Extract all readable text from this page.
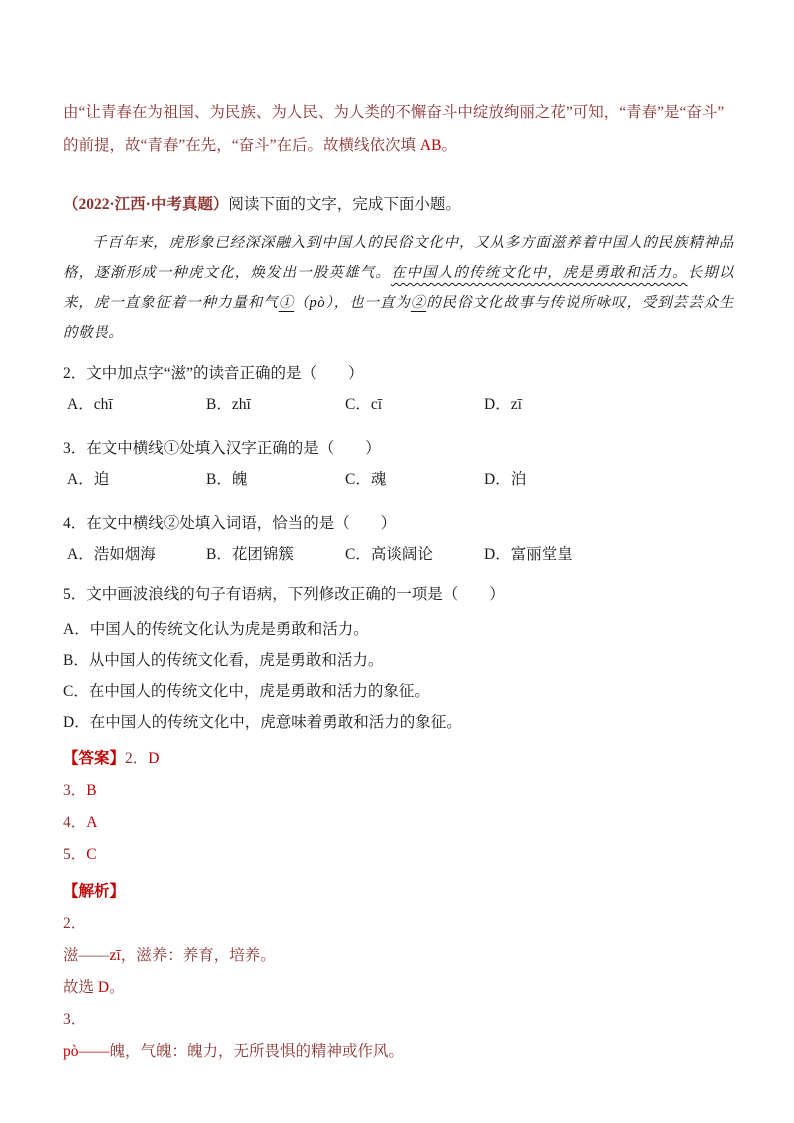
由“让青春在为祖国、为民族、为人民、为人类的不懈奋斗中绽放绚丽之花”可知，“青春”是“奋斗”的前提，故“青春”在先，“奋斗”在后。故横线依次填 AB。

（2022·江西·中考真题）阅读下面的文字，完成下面小题。

千百年来，虎形象已经深深融入到中国人的民俗文化中，又从多方面滋 •养着中国人的民族精神品格，逐渐形成一种虎文化，焕发出一股英雄气。在中国人的传统文化中，虎是勇敢和活力。长期以来，虎一直象征着一种力量和气①（pò），也一直为②的民俗文化故事与传说所咏叹，受到芸芸众生的敬畏。

2．文中加点字“滋 •”的读音正确的是（　　）

A．chī	B．zhī	C．cī	D．zī

3．在文中横线①处填入汉字正确的是（　　）

A．迫	B．魄	C．魂	D．泊

4．在文中横线②处填入词语，恰当的是（　　）

A．浩如烟海	B．花团锦簇	C．高谈阔论	D．富丽堂皇

5．文中画波浪线的句子有语病，下列修改正确的一项是（　　）

A．中国人的传统文化认为虎是勇敢和活力。
B．从中国人的传统文化看，虎是勇敢和活力。
C．在中国人的传统文化中，虎是勇敢和活力的象征。
D．在中国人的传统文化中，虎意味着勇敢和活力的象征。

【答案】2．D

3．B

4．A

5．C

【解析】

2．

滋——zī，滋养：养育，培养。

故选 D。

3．

pò——魄，气魄：魄力，无所畏惧的精神或作风。
